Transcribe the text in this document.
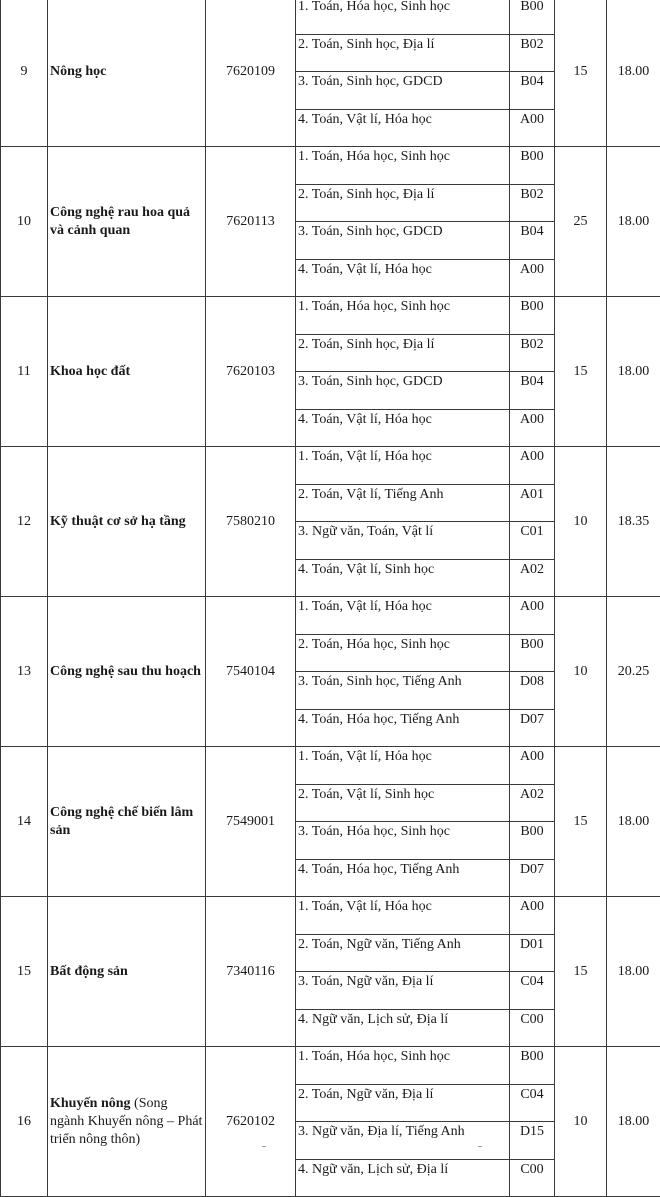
9	Nông học	7620109	1. Toán, Hóa học, Sinh học	B00	15	18.00
			2. Toán, Sinh học, Địa lí	B02		
			3. Toán, Sinh học, GDCD	B04		
			4. Toán, Vật lí, Hóa học	A00		
10	Công nghệ rau hoa quả và cảnh quan	7620113	1. Toán, Hóa học, Sinh học	B00	25	18.00
			2. Toán, Sinh học, Địa lí	B02		
			3. Toán, Sinh học, GDCD	B04		
			4. Toán, Vật lí, Hóa học	A00		
11	Khoa học đất	7620103	1. Toán, Hóa học, Sinh học	B00	15	18.00
			2. Toán, Sinh học, Địa lí	B02		
			3. Toán, Sinh học, GDCD	B04		
			4. Toán, Vật lí, Hóa học	A00		
12	Kỹ thuật cơ sở hạ tầng	7580210	1. Toán, Vật lí, Hóa học	A00	10	18.35
			2. Toán, Vật lí, Tiếng Anh	A01		
			3. Ngữ văn, Toán, Vật lí	C01		
			4. Toán, Vật lí, Sinh học	A02		
13	Công nghệ sau thu hoạch	7540104	1. Toán, Vật lí, Hóa học	A00	10	20.25
			2. Toán, Hóa học, Sinh học	B00		
			3. Toán, Sinh học, Tiếng Anh	D08		
			4. Toán, Hóa học, Tiếng Anh	D07		
14	Công nghệ chế biến lâm sản	7549001	1. Toán, Vật lí, Hóa học	A00	15	18.00
			2. Toán, Vật lí, Sinh học	A02		
			3. Toán, Hóa học, Sinh học	B00		
			4. Toán, Hóa học, Tiếng Anh	D07		
15	Bất động sản	7340116	1. Toán, Vật lí, Hóa học	A00	15	18.00
			2. Toán, Ngữ văn, Tiếng Anh	D01		
			3. Toán, Ngữ văn, Địa lí	C04		
			4. Ngữ văn, Lịch sử, Địa lí	C00		
16	Khuyến nông (Song ngành Khuyến nông – Phát triển nông thôn)	7620102	1. Toán, Hóa học, Sinh học	B00	10	18.00
			2. Toán, Ngữ văn, Địa lí	C04		
			3. Ngữ văn, Địa lí, Tiếng Anh	D15		
			4. Ngữ văn, Lịch sử, Địa lí	C00		
